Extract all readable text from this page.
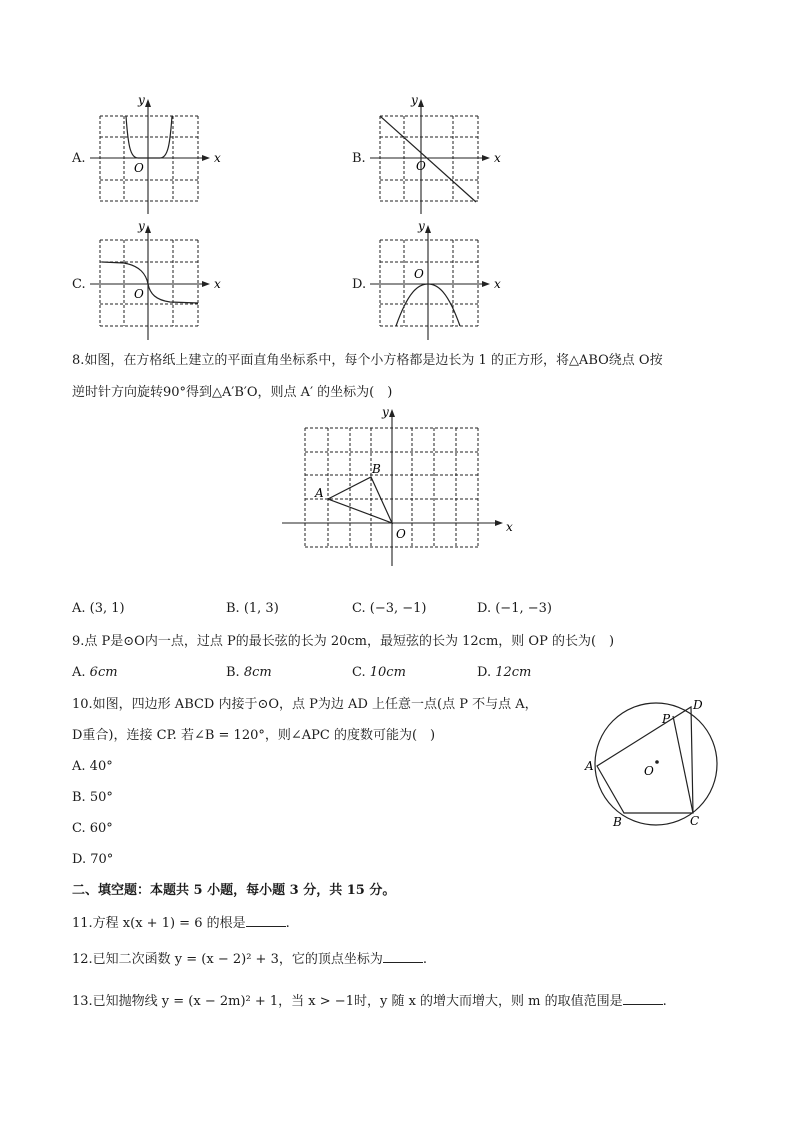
A.	x
y
O
B.	x
y
O
C.	x
y
O
D.	x
y
O
8.如图，在方格纸上建立的平面直角坐标系中，每个小方格都是边长为 1 的正方形，将△ABO绕点 O按
逆时针方向旋转90°得到△A′B′O，则点 A′ 的坐标为(　)
x
y
O
A
B
A. (3, 1)	B. (1, 3)	C. (−3, −1)	D. (−1, −3)
9.点 P是⊙O内一点，过点 P的最长弦的长为 20cm，最短弦的长为 12cm，则 OP 的长为(　)
A. 6cm	B. 8cm	C. 10cm	D. 12cm
10.如图，四边形 ABCD 内接于⊙O，点 P为边 AD 上任意一点(点 P 不与点 A，
D重合)，连接 CP. 若∠B = 120°，则∠APC 的度数可能为(　)
A. 40°
B. 50°
C. 60°
D. 70°
A
B	C
D
P
O
二、填空题：本题共 5 小题，每小题 3 分，共 15 分。
11.方程 x(x + 1) = 6 的根是	.
12.已知二次函数 y = (x − 2)² + 3，它的顶点坐标为	.
13.已知抛物线 y = (x − 2m)² + 1，当 x > −1时，y 随 x 的增大而增大，则 m 的取值范围是	.
